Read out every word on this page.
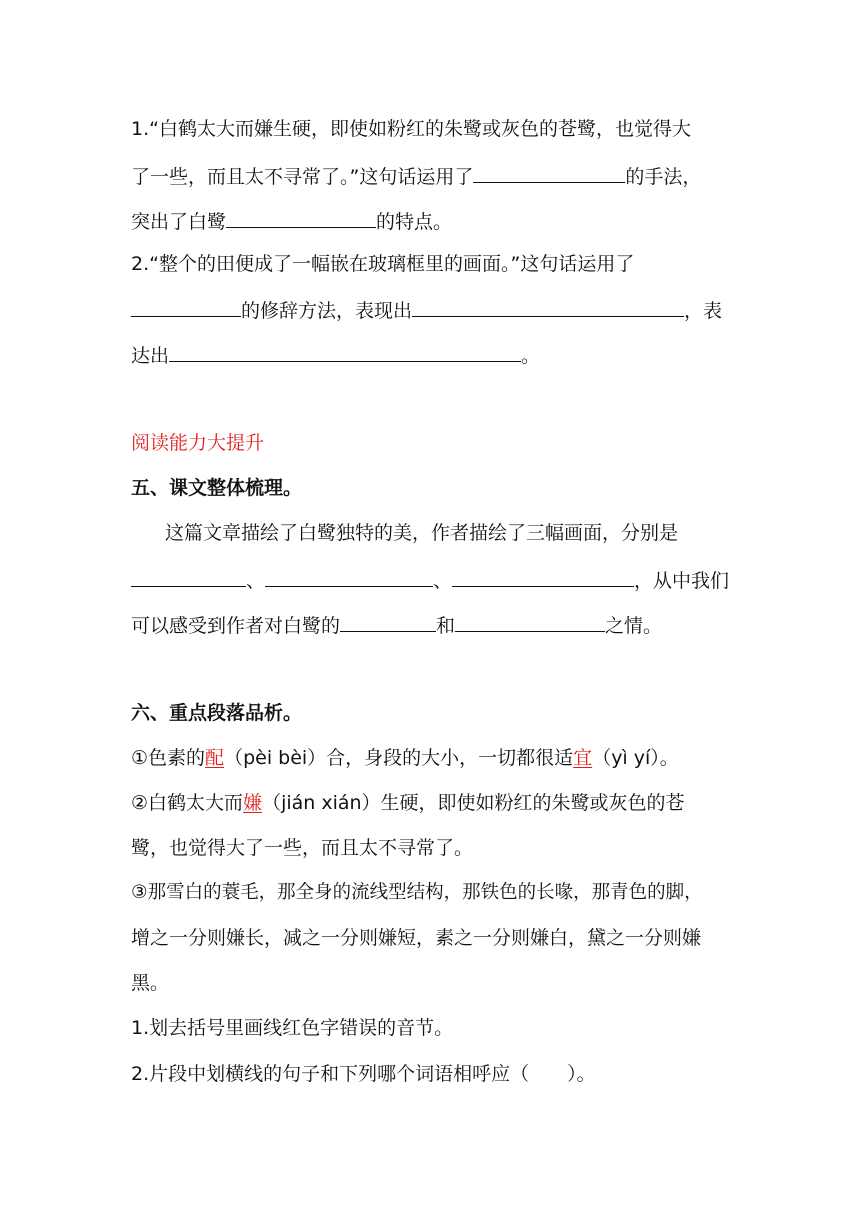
1.“白鹤太大而嫌生硬，即使如粉红的朱鹭或灰色的苍鹭，也觉得大
了一些，而且太不寻常了。”这句话运用了	的手法，
突出了白鹭	的特点。
2.“整个的田便成了一幅嵌在玻璃框里的画面。”这句话运用了
的修辞方法，表现出	，表
达出	。
阅读能力大提升
五、课文整体梳理。
这篇文章描绘了白鹭独特的美，作者描绘了三幅画面，分别是
、	、	，从中我们
可以感受到作者对白鹭的	和	之情。
六、重点段落品析。
①色素的配（pèi bèi）合，身段的大小，一切都很适宜（yì yí）。
②白鹤太大而嫌（jián xián）生硬，即使如粉红的朱鹭或灰色的苍
鹭，也觉得大了一些，而且太不寻常了。
③那雪白的蓑毛，那全身的流线型结构，那铁色的长喙，那青色的脚，
增之一分则嫌长，减之一分则嫌短，素之一分则嫌白，黛之一分则嫌
黑。
1.划去括号里画线红色字错误的音节。
2.片段中划横线的句子和下列哪个词语相呼应（　　）。
